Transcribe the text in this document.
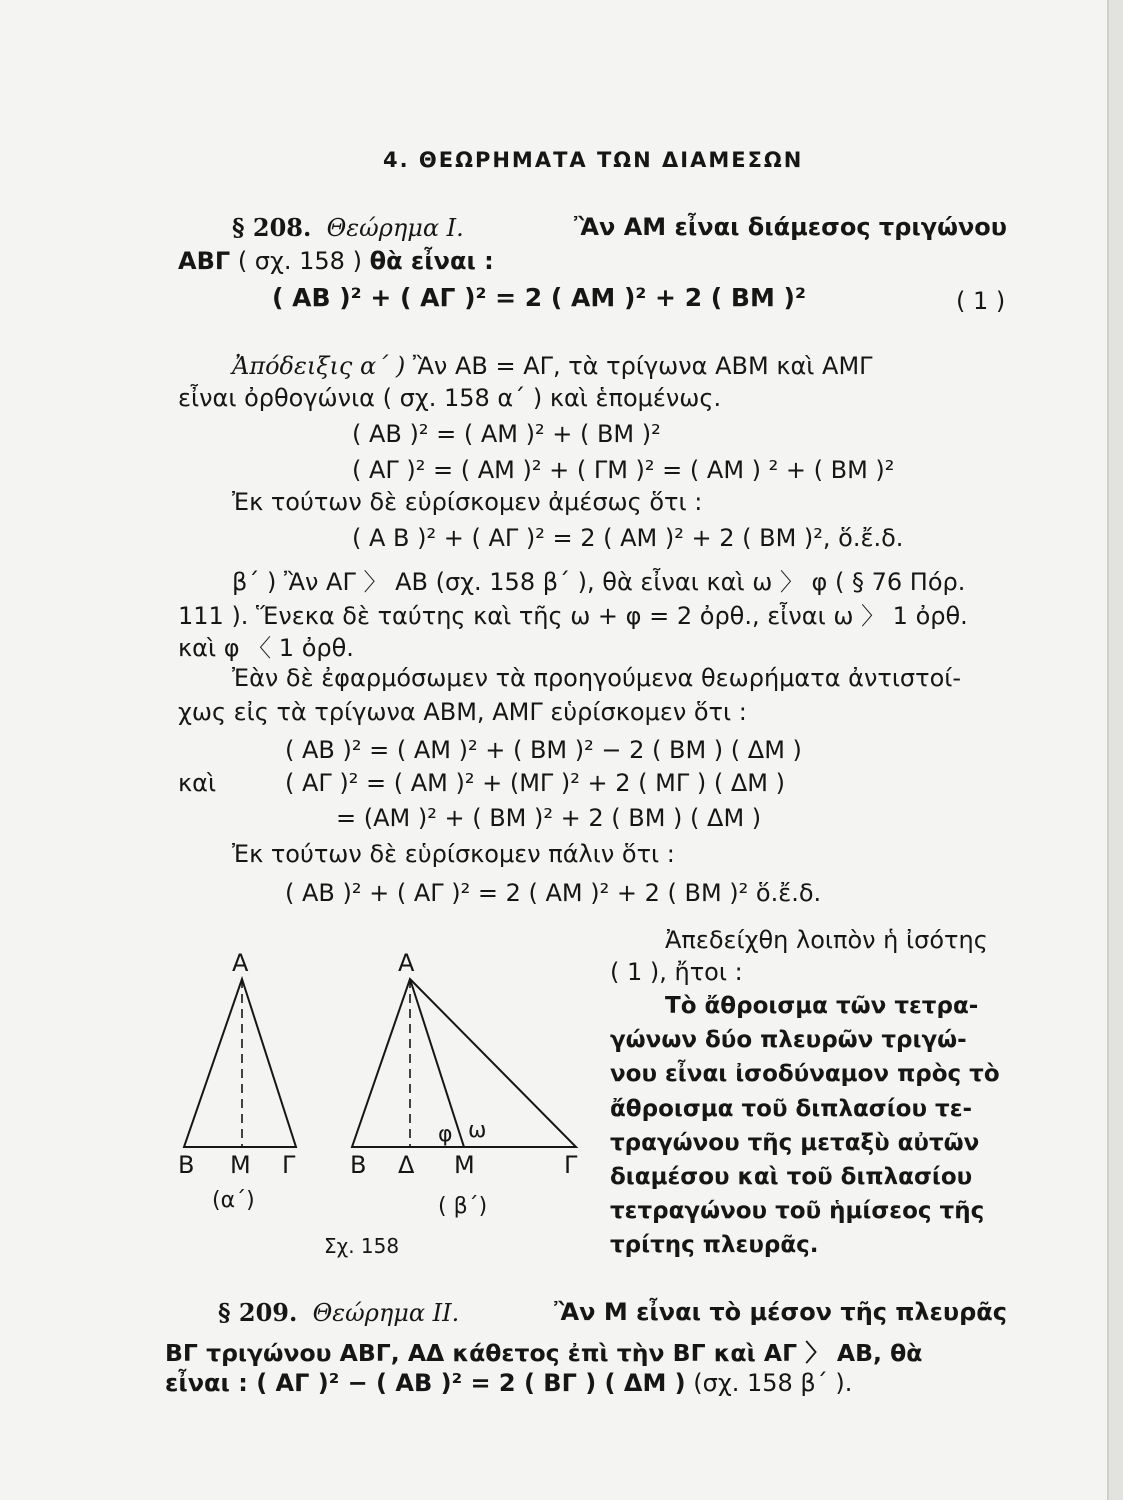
4. ΘΕΩΡΗΜΑΤΑ ΤΩΝ ΔΙΑΜΕΣΩΝ
§ 208. Θεώρημα I.	Ἂν ΑΜ εἶναι διάμεσος τριγώνου
ΑΒΓ ( σχ. 158 ) θὰ εἶναι :
( ΑΒ )² + ( ΑΓ )² = 2 ( ΑΜ )² + 2 ( ΒΜ )²	( 1 )
Ἀπόδειξις α΄ ) Ἂν ΑΒ = ΑΓ, τὰ τρίγωνα ΑΒΜ καὶ ΑΜΓ
εἶναι ὀρθογώνια ( σχ. 158 α΄ ) καὶ ἑπομένως.
( ΑΒ )² = ( ΑΜ )² + ( ΒΜ )²
( ΑΓ )² = ( ΑΜ )² + ( ΓΜ )² = ( ΑΜ ) ² + ( ΒΜ )²
Ἐκ τούτων δὲ εὑρίσκομεν ἀμέσως ὅτι :
( Α Β )² + ( ΑΓ )² = 2 ( ΑΜ )² + 2 ( ΒΜ )², ὅ.ἔ.δ.
β΄ ) Ἂν ΑΓ 〉 ΑΒ (σχ. 158 β΄ ), θὰ εἶναι καὶ ω 〉 φ ( § 76 Πόρ.
111 ). Ἕνεκα δὲ ταύτης καὶ τῆς ω + φ = 2 ὀρθ., εἶναι ω 〉 1 ὀρθ.
καὶ φ 〈 1 ὀρθ.
Ἐὰν δὲ ἐφαρμόσωμεν τὰ προηγούμενα θεωρήματα ἀντιστοί-
χως εἰς τὰ τρίγωνα ΑΒΜ, ΑΜΓ εὑρίσκομεν ὅτι :
( ΑΒ )² = ( ΑΜ )² + ( ΒΜ )² − 2 ( ΒΜ ) ( ΔΜ )
καὶ	( ΑΓ )² = ( ΑΜ )² + (ΜΓ )² + 2 ( ΜΓ ) ( ΔΜ )
= (ΑΜ )² + ( ΒΜ )² + 2 ( ΒΜ ) ( ΔΜ )
Ἐκ τούτων δὲ εὑρίσκομεν πάλιν ὅτι :
( ΑΒ )² + ( ΑΓ )² = 2 ( ΑΜ )² + 2 ( ΒΜ )² ὅ.ἔ.δ.
Ἀπεδείχθη λοιπὸν ἡ ἰσότης
( 1 ), ἤτοι :
Τὸ ἄθροισμα τῶν τετρα-
γώνων δύο πλευρῶν τριγώ-
νου εἶναι ἰσοδύναμον πρὸς τὸ
ἄθροισμα τοῦ διπλασίου τε-
τραγώνου τῆς μεταξὺ αὐτῶν
διαμέσου καὶ τοῦ διπλασίου
τετραγώνου τοῦ ἡμίσεος τῆς
τρίτης πλευρᾶς.
Α
Β Μ Γ
(α΄)
Α
Β Δ Μ	Γ
φ ω
( β΄)
Σχ. 158
§ 209. Θεώρημα II.	Ἂν Μ εἶναι τὸ μέσον τῆς πλευρᾶς
ΒΓ τριγώνου ΑΒΓ, ΑΔ κάθετος ἐπὶ τὴν ΒΓ καὶ ΑΓ 〉 ΑΒ, θὰ
εἶναι : ( ΑΓ )² − ( ΑΒ )² = 2 ( ΒΓ ) ( ΔΜ ) (σχ. 158 β΄ ).
